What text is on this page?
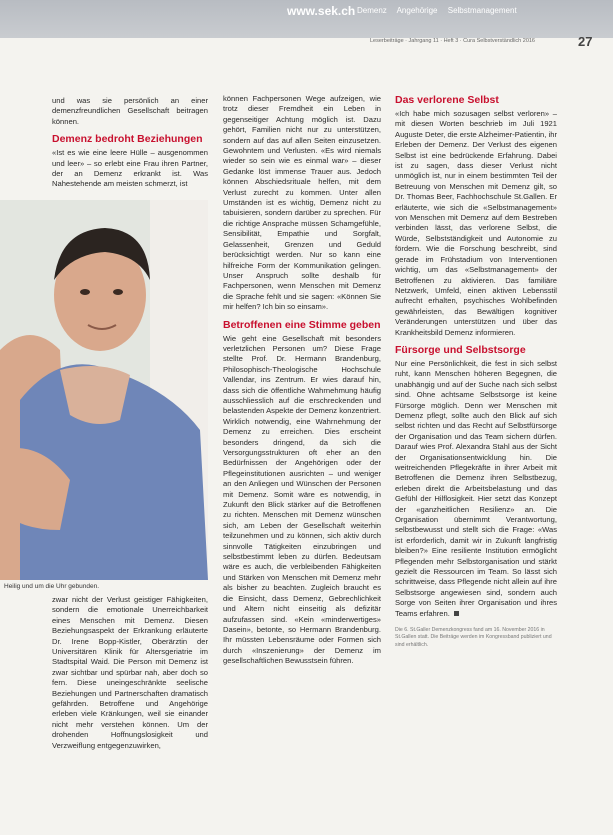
www.sek.ch Demenz Angehörige Selbstmanagement
Leserbeiträge · Jahrgang 11 · Heft 3 · Cura Selbstverständlich 2016	27

und was sie persönlich an einer demenzfreundlichen Gesellschaft beitragen können.

Demenz bedroht Beziehungen

«Ist es wie eine leere Hülle – ausgenommen und leer» – so erlebt eine Frau ihren Partner, der an Demenz erkrankt ist. Was Nahestehende am meisten schmerzt, ist

Heilig und um die Uhr gebunden.

zwar nicht der Verlust geistiger Fähigkeiten, sondern die emotionale Unerreichbarkeit eines Menschen mit Demenz. Diesen Beziehungsaspekt der Erkrankung erläuterte Dr. Irene Bopp-Kistler, Oberärztin der Universitären Klinik für Altersgeriatrie im Stadtspital Waid. Die Person mit Demenz ist zwar sichtbar und spürbar nah, aber doch so fern. Diese uneingeschränkte seelische Beziehungen und Partnerschaften dramatisch gefährden. Betroffene und Angehörige erleben viele Kränkungen, weil sie einander nicht mehr verstehen können. Um der drohenden Hoffnungslosigkeit und Verzweiflung entgegenzuwirken,

können Fachpersonen Wege aufzeigen, wie trotz dieser Fremdheit ein Leben in gegenseitiger Achtung möglich ist. Dazu gehört, Familien nicht nur zu unterstützen, sondern auf das auf allen Seiten einzusetzen. Gewohntem und Verlusten. «Es wird niemals wieder so sein wie es einmal war» – dieser Gedanke löst immense Trauer aus. Jedoch können Abschiedsrituale helfen, mit dem Verlust zurecht zu kommen. Unter allen Umständen ist es wichtig, Demenz nicht zu tabuisieren, sondern darüber zu sprechen. Für die richtige Ansprache müssen Schamgefühle, Sensibilität, Empathie und Sorgfalt, Gelassenheit, Grenzen und Geduld berücksichtigt werden. Nur so kann eine hilfreiche Form der Kommunikation gelingen. Unser Anspruch sollte deshalb für Fachpersonen, wenn Menschen mit Demenz die Sprache fehlt und sie sagen: «Können Sie mir helfen? Ich bin so einsam».

Betroffenen eine Stimme geben

Wie geht eine Gesellschaft mit besonders verletzlichen Personen um? Diese Frage stellte Prof. Dr. Hermann Brandenburg, Philosophisch-Theologische Hochschule Vallendar, ins Zentrum. Er wies darauf hin, dass sich die öffentliche Wahrnehmung häufig ausschliesslich auf die erschreckenden und belastenden Aspekte der Demenz konzentriert. Wirklich notwendig, eine Wahrnehmung der Demenz zu erreichen. Dies erscheint besonders dringend, da sich die Versorgungsstrukturen oft eher an den Bedürfnissen der Angehörigen oder der Pflegeinstitutionen ausrichten – und weniger an den Anliegen und Wünschen der Personen mit Demenz. Somit wäre es notwendig, in Zukunft den Blick stärker auf die Betroffenen zu richten. Menschen mit Demenz wünschen sich, am Leben der Gesellschaft weiterhin teilzunehmen und zu können, sich aktiv durch sinnvolle Tätigkeiten einzubringen und selbstbestimmt leben zu dürfen. Bedeutsam wäre es auch, die verbleibenden Fähigkeiten und Stärken von Menschen mit Demenz mehr als bisher zu beachten. Zugleich braucht es die Einsicht, dass Demenz, Gebrechlichkeit und Altern nicht einseitig als defizitär aufzufassen sind. «Kein «minderwertiges» Dasein», betonte, so Hermann Brandenburg. Ihr müssten Lebensräume oder Formen sich durch «Inszenierung» der Demenz im gesellschaftlichen Bewusstsein führen.

Das verlorene Selbst

«Ich habe mich sozusagen selbst verloren» – mit diesen Worten beschrieb im Juli 1921 Auguste Deter, die erste Alzheimer-Patientin, ihr Erleben der Demenz. Der Verlust des eigenen Selbst ist eine bedrückende Erfahrung. Dabei ist zu sagen, dass dieser Verlust nicht unmöglich ist, nur in einem bestimmten Teil der Betreuung von Menschen mit Demenz gilt, so Dr. Thomas Beer, Fachhochschule St.Gallen. Er erläuterte, wie sich die «Selbstmanagement» von Menschen mit Demenz auf dem Bestreben verbinden lässt, das verlorene Selbst, die Würde, Selbstständigkeit und Autonomie zu fördern. Wie die Forschung beschreibt, sind gerade im Frühstadium von Interventionen wichtig, um das «Selbstmanagement» der Betroffenen zu aktivieren. Das familiäre Netzwerk, Umfeld, einen aktiven Lebensstil aufrecht erhalten, psychisches Wohlbefinden gewährleisten, das Bewältigen kognitiver Veränderungen unterstützen und über das Krankheitsbild Demenz informieren.

Fürsorge und Selbstsorge

Nur eine Persönlichkeit, die fest in sich selbst ruht, kann Menschen höheren Begegnen, die unabhängig und auf der Suche nach sich selbst sind. Ohne achtsame Selbstsorge ist keine Fürsorge möglich. Denn wer Menschen mit Demenz pflegt, sollte auch den Blick auf sich selbst richten und das Recht auf Selbstfürsorge der Organisation und das Team sichern dürfen. Darauf wies Prof. Alexandra Stahl aus der Sicht der Organisationsentwicklung hin. Die weitreichenden Pflegekräfte in ihrer Arbeit mit Betroffenen die Demenz ihren Selbstbezug, erleben direkt die Arbeitsbelastung und das Gefühl der Hilflosigkeit. Hier setzt das Konzept der «ganzheitlichen Resilienz» an. Die Organisation übernimmt Verantwortung, selbstbewusst und stellt sich die Frage: «Was ist erforderlich, damit wir in Zukunft langfristig bleiben?» Eine resiliente Institution ermöglicht Pflegenden mehr Selbstorganisation und stärkt gezielt die Ressourcen im Team. So lässt sich schrittweise, dass Pflegende nicht allein auf ihre Selbstsorge angewiesen sind, sondern auch Sorge von Seiten ihrer Organisation und ihres Teams erfahren.

Die 6. St.Galler Demenzkongress fand am 16. November 2016 in St.Gallen statt. Die Beiträge werden im Kongressband publiziert und sind erhältlich.
